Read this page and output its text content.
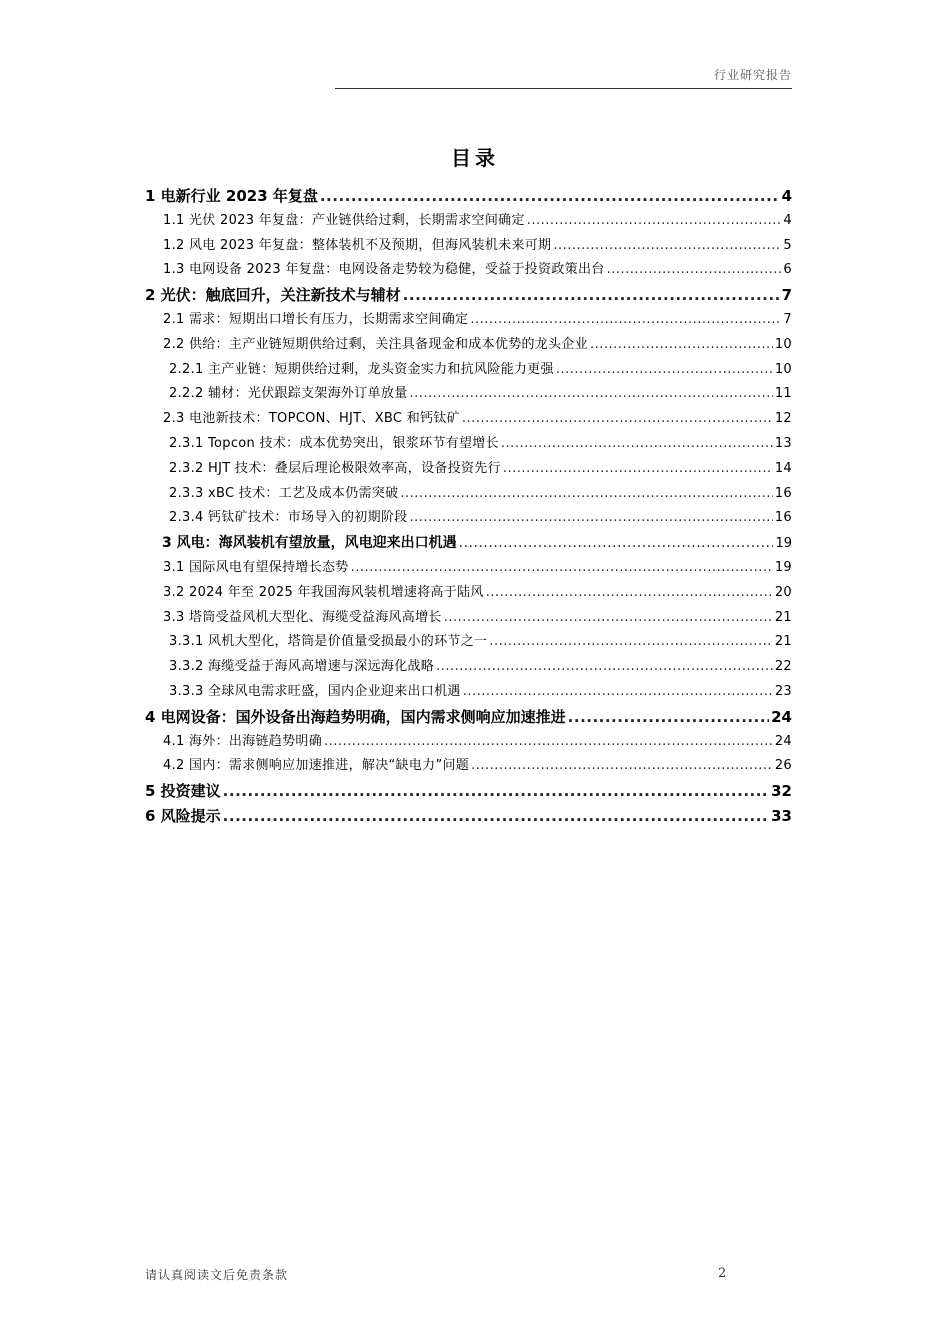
行业研究报告
目录
1 电新行业 2023 年复盘 .....	4
1.1 光伏 2023 年复盘：产业链供给过剩，长期需求空间确定 .....	4
1.2 风电 2023 年复盘：整体装机不及预期，但海风装机未来可期 .....	5
1.3 电网设备 2023 年复盘：电网设备走势较为稳健，受益于投资政策出台 .....	6
2 光伏：触底回升，关注新技术与辅材 .....	7
2.1 需求：短期出口增长有压力，长期需求空间确定 .....	7
2.2 供给：主产业链短期供给过剩，关注具备现金和成本优势的龙头企业 .....	10
2.2.1 主产业链：短期供给过剩，龙头资金实力和抗风险能力更强 .....	10
2.2.2 辅材：光伏跟踪支架海外订单放量 .....	11
2.3 电池新技术：TOPCON、HJT、XBC 和钙钛矿 .....	12
2.3.1 Topcon 技术：成本优势突出，银浆环节有望增长 .....	13
2.3.2 HJT 技术：叠层后理论极限效率高，设备投资先行 .....	14
2.3.3 xBC 技术：工艺及成本仍需突破 .....	16
2.3.4 钙钛矿技术：市场导入的初期阶段 .....	16
3 风电：海风装机有望放量，风电迎来出口机遇 .....	19
3.1 国际风电有望保持增长态势 .....	19
3.2 2024 年至 2025 年我国海风装机增速将高于陆风 .....	20
3.3 塔筒受益风机大型化、海缆受益海风高增长 .....	21
3.3.1 风机大型化，塔筒是价值量受损最小的环节之一 .....	21
3.3.2 海缆受益于海风高增速与深远海化战略 .....	22
3.3.3 全球风电需求旺盛，国内企业迎来出口机遇 .....	23
4 电网设备：国外设备出海趋势明确，国内需求侧响应加速推进 .....	24
4.1 海外：出海链趋势明确 .....	24
4.2 国内：需求侧响应加速推进，解决“缺电力”问题 .....	26
5 投资建议 .....	32
6 风险提示 .....	33
请认真阅读文后免责条款	2
